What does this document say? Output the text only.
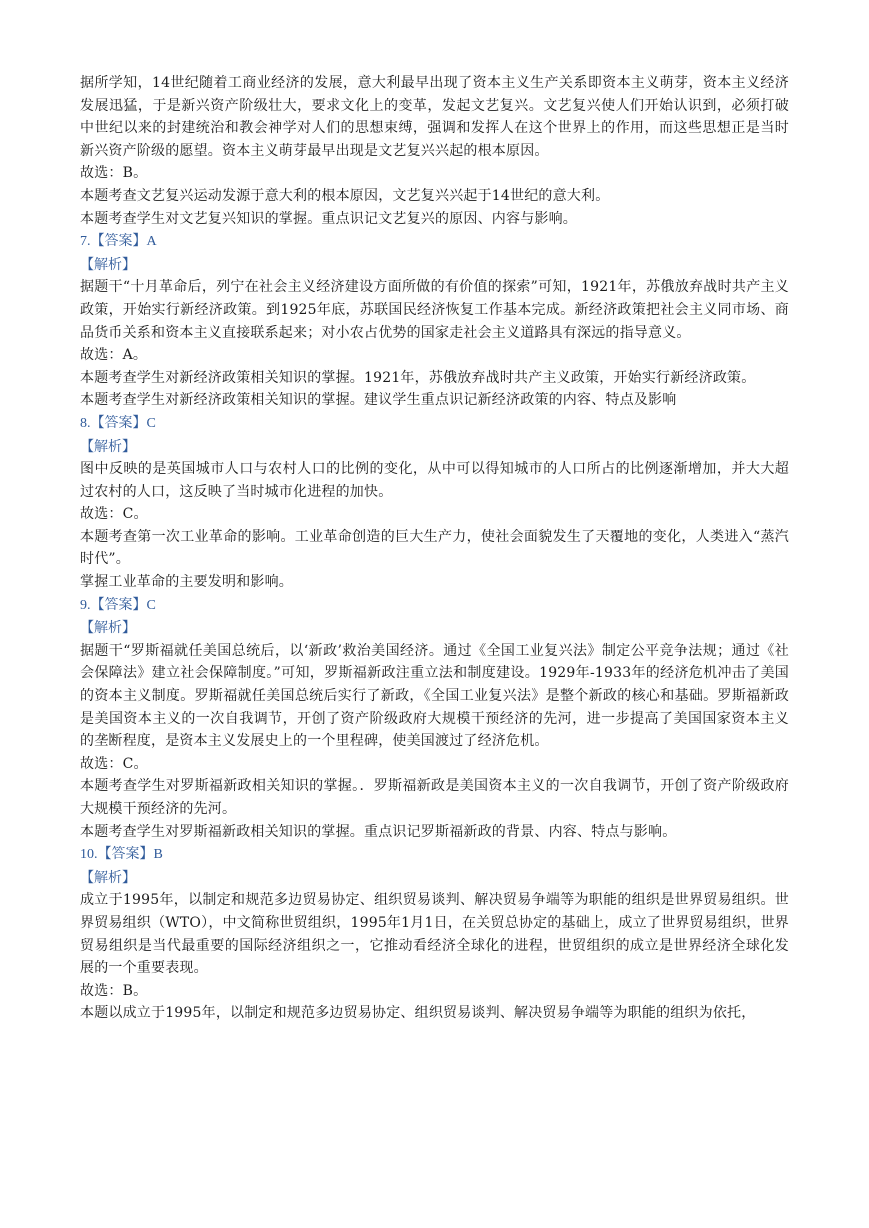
据所学知，14世纪随着工商业经济的发展，意大利最早出现了资本主义生产关系即资本主义萌芽，资本主义经济发展迅猛，于是新兴资产阶级壮大，要求文化上的变革，发起文艺复兴。文艺复兴使人们开始认识到，必须打破中世纪以来的封建统治和教会神学对人们的思想束缚，强调和发挥人在这个世界上的作用，而这些思想正是当时新兴资产阶级的愿望。资本主义萌芽最早出现是文艺复兴兴起的根本原因。

故选：B。

本题考查文艺复兴运动发源于意大利的根本原因，文艺复兴兴起于14世纪的意大利。

本题考查学生对文艺复兴知识的掌握。重点识记文艺复兴的原因、内容与影响。

7.【答案】A

【解析】

据题干“十月革命后，列宁在社会主义经济建设方面所做的有价值的探索”可知，1921年，苏俄放弃战时共产主义政策，开始实行新经济政策。到1925年底，苏联国民经济恢复工作基本完成。新经济政策把社会主义同市场、商品货币关系和资本主义直接联系起来；对小农占优势的国家走社会主义道路具有深远的指导意义。

故选：A。

本题考查学生对新经济政策相关知识的掌握。1921年，苏俄放弃战时共产主义政策，开始实行新经济政策。

本题考查学生对新经济政策相关知识的掌握。建议学生重点识记新经济政策的内容、特点及影响

8.【答案】C

【解析】

图中反映的是英国城市人口与农村人口的比例的变化，从中可以得知城市的人口所占的比例逐渐增加，并大大超过农村的人口，这反映了当时城市化进程的加快。

故选：C。

本题考查第一次工业革命的影响。工业革命创造的巨大生产力，使社会面貌发生了天覆地的变化，人类进入“蒸汽时代”。

掌握工业革命的主要发明和影响。

9.【答案】C

【解析】

据题干“罗斯福就任美国总统后，以‘新政’救治美国经济。通过《全国工业复兴法》制定公平竞争法规；通过《社会保障法》建立社会保障制度。”可知，罗斯福新政注重立法和制度建设。1929年-1933年的经济危机冲击了美国的资本主义制度。罗斯福就任美国总统后实行了新政，《全国工业复兴法》是整个新政的核心和基础。罗斯福新政是美国资本主义的一次自我调节，开创了资产阶级政府大规模干预经济的先河，进一步提高了美国国家资本主义的垄断程度，是资本主义发展史上的一个里程碑，使美国渡过了经济危机。

故选：C。

本题考查学生对罗斯福新政相关知识的掌握。．罗斯福新政是美国资本主义的一次自我调节，开创了资产阶级政府大规模干预经济的先河。

本题考查学生对罗斯福新政相关知识的掌握。重点识记罗斯福新政的背景、内容、特点与影响。

10.【答案】B

【解析】

成立于1995年，以制定和规范多边贸易协定、组织贸易谈判、解决贸易争端等为职能的组织是世界贸易组织。世界贸易组织（WTO），中文简称世贸组织，1995年1月1日，在关贸总协定的基础上，成立了世界贸易组织，世界贸易组织是当代最重要的国际经济组织之一，它推动看经济全球化的进程，世贸组织的成立是世界经济全球化发展的一个重要表现。

故选：B。

本题以成立于1995年，以制定和规范多边贸易协定、组织贸易谈判、解决贸易争端等为职能的组织为依托，
